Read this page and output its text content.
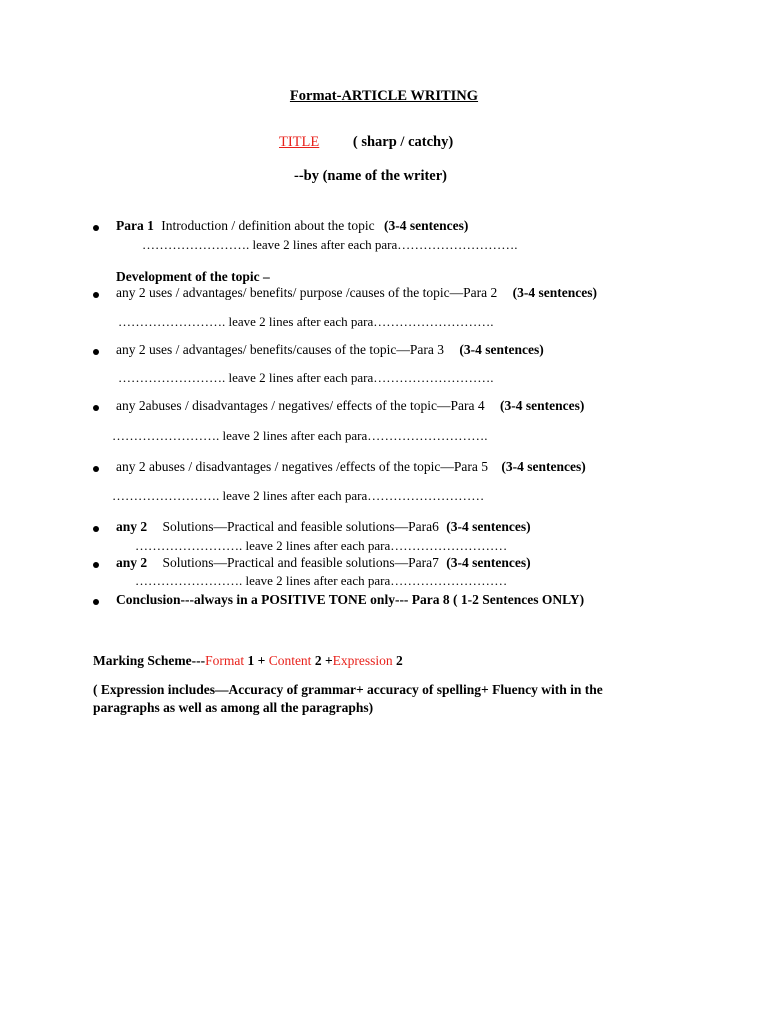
Format-ARTICLE WRITING
TITLE ( sharp / catchy)
--by (name of the writer)
Para 1 Introduction / definition about the topic (3-4 sentences)
……………………. leave 2 lines after each para……………………….
Development of the topic –
any 2 uses / advantages/ benefits/ purpose /causes of the topic—Para 2 (3-4 sentences)
……………………. leave 2 lines after each para……………………….
any 2 uses / advantages/ benefits/causes of the topic—Para 3 (3-4 sentences)
……………………. leave 2 lines after each para……………………….
any 2abuses / disadvantages / negatives/ effects of the topic—Para 4 (3-4 sentences)
……………………. leave 2 lines after each para……………………….
any 2 abuses / disadvantages / negatives /effects of the topic—Para 5 (3-4 sentences)
……………………. leave 2 lines after each para………………………
any 2 Solutions—Practical and feasible solutions—Para6 (3-4 sentences)
……………………. leave 2 lines after each para………………………
any 2 Solutions—Practical and feasible solutions—Para7 (3-4 sentences)
……………………. leave 2 lines after each para………………………
Conclusion---always in a POSITIVE TONE only--- Para 8 ( 1-2 Sentences ONLY)
Marking Scheme---Format 1 + Content 2 +Expression 2
( Expression includes—Accuracy of grammar+ accuracy of spelling+ Fluency with in the
paragraphs as well as among all the paragraphs)
